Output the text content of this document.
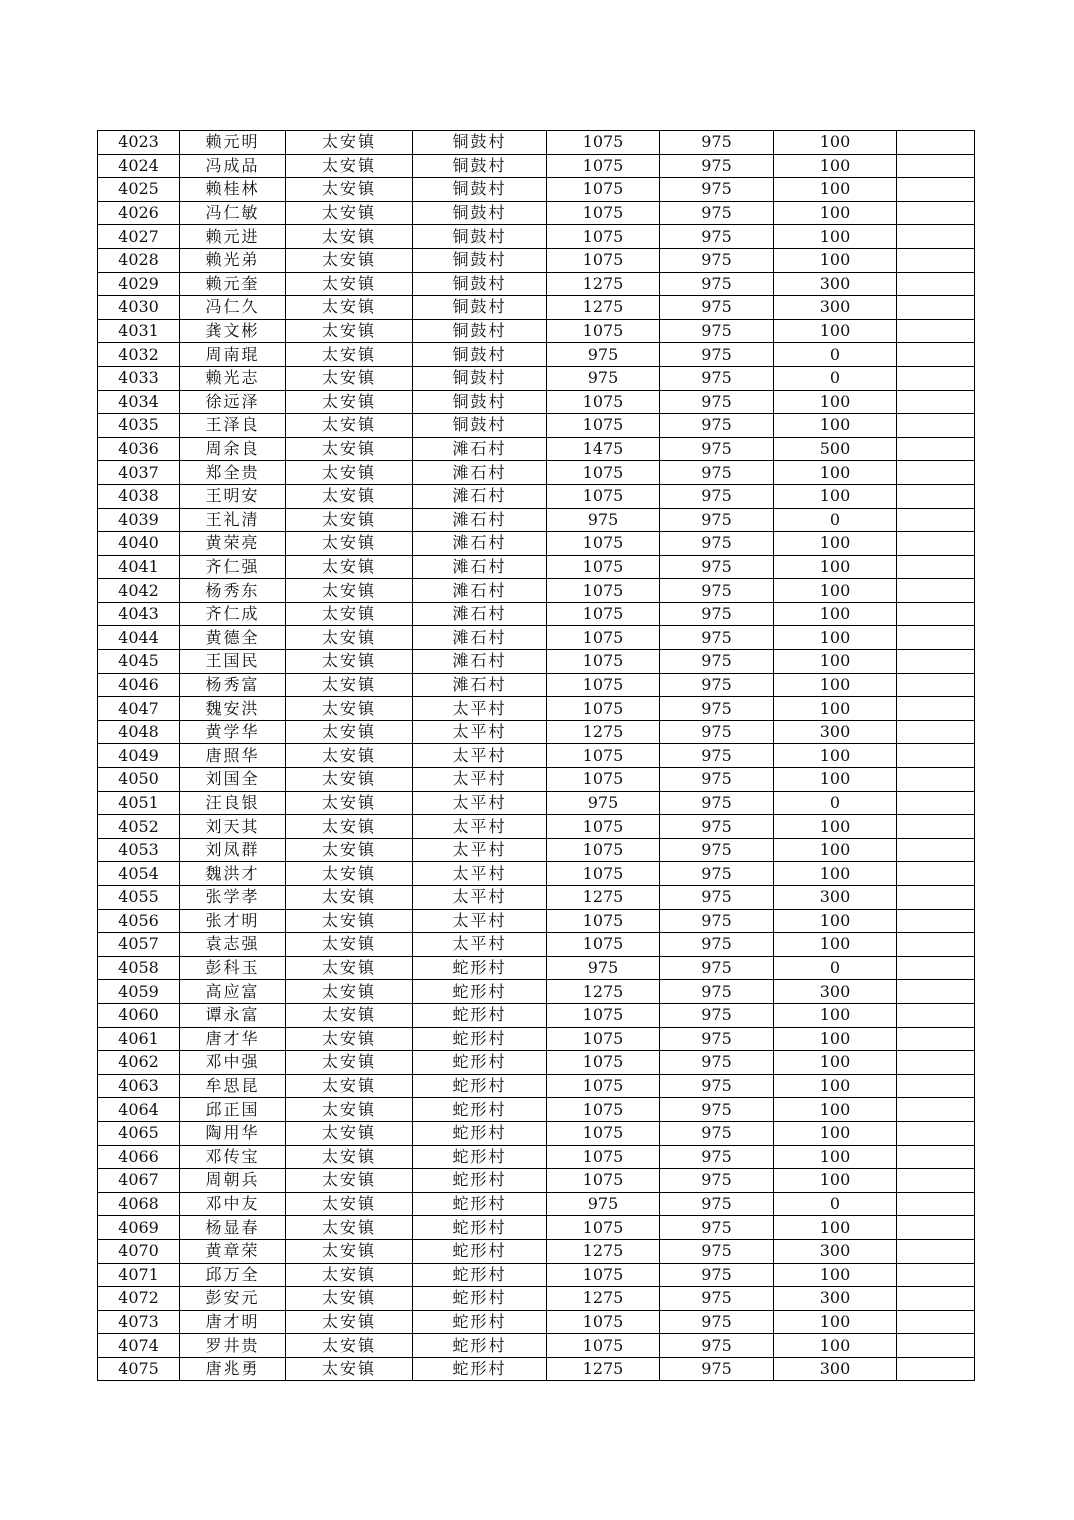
4023	赖元明	太安镇	铜鼓村	1075	975	100	
4024	冯成品	太安镇	铜鼓村	1075	975	100	
4025	赖桂林	太安镇	铜鼓村	1075	975	100	
4026	冯仁敏	太安镇	铜鼓村	1075	975	100	
4027	赖元进	太安镇	铜鼓村	1075	975	100	
4028	赖光弟	太安镇	铜鼓村	1075	975	100	
4029	赖元奎	太安镇	铜鼓村	1275	975	300	
4030	冯仁久	太安镇	铜鼓村	1275	975	300	
4031	龚文彬	太安镇	铜鼓村	1075	975	100	
4032	周南琨	太安镇	铜鼓村	975	975	0	
4033	赖光志	太安镇	铜鼓村	975	975	0	
4034	徐远泽	太安镇	铜鼓村	1075	975	100	
4035	王泽良	太安镇	铜鼓村	1075	975	100	
4036	周余良	太安镇	滩石村	1475	975	500	
4037	郑全贵	太安镇	滩石村	1075	975	100	
4038	王明安	太安镇	滩石村	1075	975	100	
4039	王礼清	太安镇	滩石村	975	975	0	
4040	黄荣亮	太安镇	滩石村	1075	975	100	
4041	齐仁强	太安镇	滩石村	1075	975	100	
4042	杨秀东	太安镇	滩石村	1075	975	100	
4043	齐仁成	太安镇	滩石村	1075	975	100	
4044	黄德全	太安镇	滩石村	1075	975	100	
4045	王国民	太安镇	滩石村	1075	975	100	
4046	杨秀富	太安镇	滩石村	1075	975	100	
4047	魏安洪	太安镇	太平村	1075	975	100	
4048	黄学华	太安镇	太平村	1275	975	300	
4049	唐照华	太安镇	太平村	1075	975	100	
4050	刘国全	太安镇	太平村	1075	975	100	
4051	汪良银	太安镇	太平村	975	975	0	
4052	刘天其	太安镇	太平村	1075	975	100	
4053	刘凤群	太安镇	太平村	1075	975	100	
4054	魏洪才	太安镇	太平村	1075	975	100	
4055	张学孝	太安镇	太平村	1275	975	300	
4056	张才明	太安镇	太平村	1075	975	100	
4057	袁志强	太安镇	太平村	1075	975	100	
4058	彭科玉	太安镇	蛇形村	975	975	0	
4059	高应富	太安镇	蛇形村	1275	975	300	
4060	谭永富	太安镇	蛇形村	1075	975	100	
4061	唐才华	太安镇	蛇形村	1075	975	100	
4062	邓中强	太安镇	蛇形村	1075	975	100	
4063	牟思昆	太安镇	蛇形村	1075	975	100	
4064	邱正国	太安镇	蛇形村	1075	975	100	
4065	陶用华	太安镇	蛇形村	1075	975	100	
4066	邓传宝	太安镇	蛇形村	1075	975	100	
4067	周朝兵	太安镇	蛇形村	1075	975	100	
4068	邓中友	太安镇	蛇形村	975	975	0	
4069	杨显春	太安镇	蛇形村	1075	975	100	
4070	黄章荣	太安镇	蛇形村	1275	975	300	
4071	邱万全	太安镇	蛇形村	1075	975	100	
4072	彭安元	太安镇	蛇形村	1275	975	300	
4073	唐才明	太安镇	蛇形村	1075	975	100	
4074	罗井贵	太安镇	蛇形村	1075	975	100	
4075	唐兆勇	太安镇	蛇形村	1275	975	300	
